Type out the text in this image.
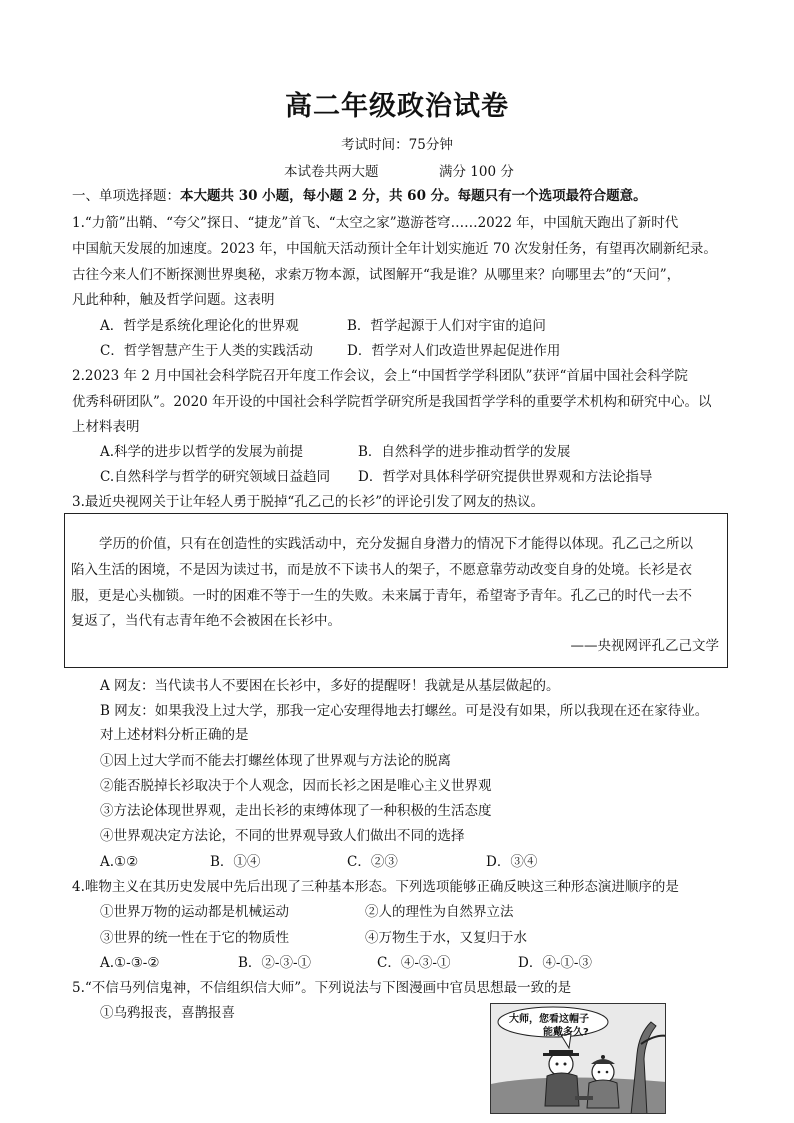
高二年级政治试卷
考试时间：75分钟
本试卷共两大题	满分 100 分
一、单项选择题：本大题共 30 小题，每小题 2 分，共 60 分。每题只有一个选项最符合题意。
1.“力箭”出鞘、“夸父”探日、“捷龙”首飞、“太空之家”遨游苍穹……2022 年，中国航天跑出了新时代
中国航天发展的加速度。2023 年，中国航天活动预计全年计划实施近 70 次发射任务，有望再次刷新纪录。
古往今来人们不断探测世界奥秘，求索万物本源，试图解开“我是谁？从哪里来？向哪里去”的“天问”，
凡此种种，触及哲学问题。这表明
A．哲学是系统化理论化的世界观	B．哲学起源于人们对宇宙的追问
C．哲学智慧产生于人类的实践活动	D．哲学对人们改造世界起促进作用
2.2023 年 2 月中国社会科学院召开年度工作会议，会上“中国哲学学科团队”获评“首届中国社会科学院
优秀科研团队”。2020 年开设的中国社会科学院哲学研究所是我国哲学学科的重要学术机构和研究中心。以
上材料表明
A.科学的进步以哲学的发展为前提	B．自然科学的进步推动哲学的发展
C.自然科学与哲学的研究领域日益趋同 D．哲学对具体科学研究提供世界观和方法论指导
3.最近央视网关于让年轻人勇于脱掉“孔乙己的长衫”的评论引发了网友的热议。
学历的价值，只有在创造性的实践活动中，充分发掘自身潜力的情况下才能得以体现。孔乙己之所以
陷入生活的困境，不是因为读过书，而是放不下读书人的架子，不愿意靠劳动改变自身的处境。长衫是衣
服，更是心头枷锁。一时的困难不等于一生的失败。未来属于青年，希望寄予青年。孔乙己的时代一去不
复返了，当代有志青年绝不会被困在长衫中。
——央视网评孔乙己文学
A 网友：当代读书人不要困在长衫中，多好的提醒呀！我就是从基层做起的。
B 网友：如果我没上过大学，那我一定心安理得地去打螺丝。可是没有如果，所以我现在还在家待业。
对上述材料分析正确的是
①因上过大学而不能去打螺丝体现了世界观与方法论的脱离
②能否脱掉长衫取决于个人观念，因而长衫之困是唯心主义世界观
③方法论体现世界观，走出长衫的束缚体现了一种积极的生活态度
④世界观决定方法论，不同的世界观导致人们做出不同的选择
A.①②	B．①④	C．②③	D．③④
4.唯物主义在其历史发展中先后出现了三种基本形态。下列选项能够正确反映这三种形态演进顺序的是
①世界万物的运动都是机械运动	②人的理性为自然界立法
③世界的统一性在于它的物质性	④万物生于水，又复归于水
A.①-③-②	B．②-③-①	C．④-③-①	D．④-①-③
5.“不信马列信鬼神，不信组织信大师”。下列说法与下图漫画中官员思想最一致的是
①乌鸦报丧，喜鹊报喜	大师，您看这帽子
能戴多久?
